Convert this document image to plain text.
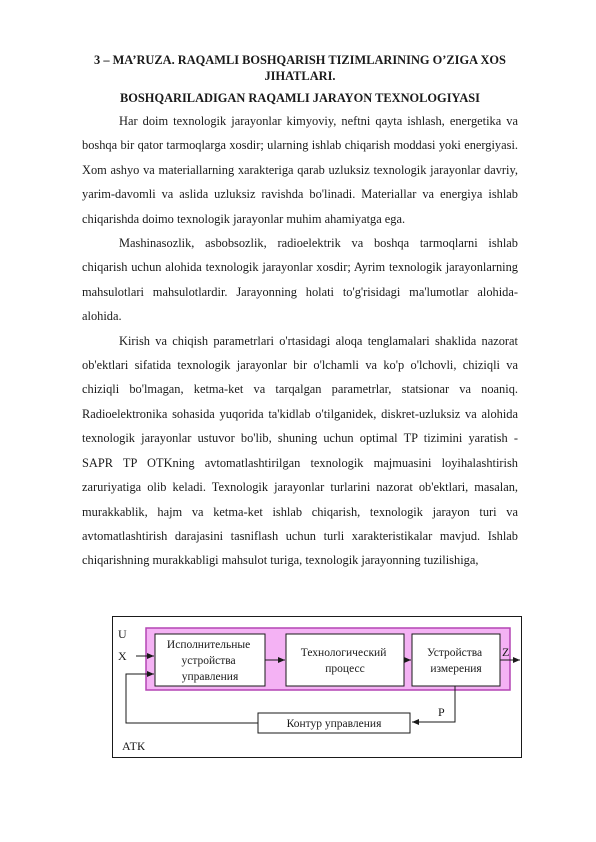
3 – MA’RUZA. RAQAMLI BOSHQARISH TIZIMLARINING O’ZIGA XOS
JIHATLARI.

BOSHQARILADIGAN RAQAMLI JARAYON TEXNOLOGIYASI

Har doim texnologik jarayonlar kimyoviy, neftni qayta ishlash, energetika va boshqa bir qator tarmoqlarga xosdir; ularning ishlab chiqarish moddasi yoki energiyasi. Xom ashyo va materiallarning xarakteriga qarab uzluksiz texnologik jarayonlar davriy, yarim-davomli va aslida uzluksiz ravishda bo'linadi. Materiallar va energiya ishlab chiqarishda doimo texnologik jarayonlar muhim ahamiyatga ega.

Mashinasozlik, asbobsozlik, radioelektrik va boshqa tarmoqlarni ishlab chiqarish uchun alohida texnologik jarayonlar xosdir; Ayrim texnologik jarayonlarning mahsulotlari mahsulotlardir. Jarayonning holati to'g'risidagi ma'lumotlar alohida-alohida.

Kirish va chiqish parametrlari o'rtasidagi aloqa tenglamalari shaklida nazorat ob'ektlari sifatida texnologik jarayonlar bir o'lchamli va ko'p o'lchovli, chiziqli va chiziqli bo'lmagan, ketma-ket va tarqalgan parametrlar, statsionar va noaniq. Radioelektronika sohasida yuqorida ta'kidlab o'tilganidek, diskret-uzluksiz va alohida texnologik jarayonlar ustuvor bo'lib, shuning uchun optimal TP tizimini yaratish - SAPR TP OTKning avtomatlashtirilgan texnologik majmuasini loyihalashtirish zaruriyatiga olib keladi. Texnologik jarayonlar turlarini nazorat ob'ektlari, masalan, murakkablik, hajm va ketma-ket ishlab chiqarish, texnologik jarayon turi va avtomatlashtirish darajasini tasniflash uchun turli xarakteristikalar mavjud. Ishlab chiqarishning murakkabligi mahsulot turiga, texnologik jarayonning tuzilishiga,

U
X	Z
P
АТК
Исполнительные устройства управления
Технологический процесс
Устройства измерения
Контур управления
